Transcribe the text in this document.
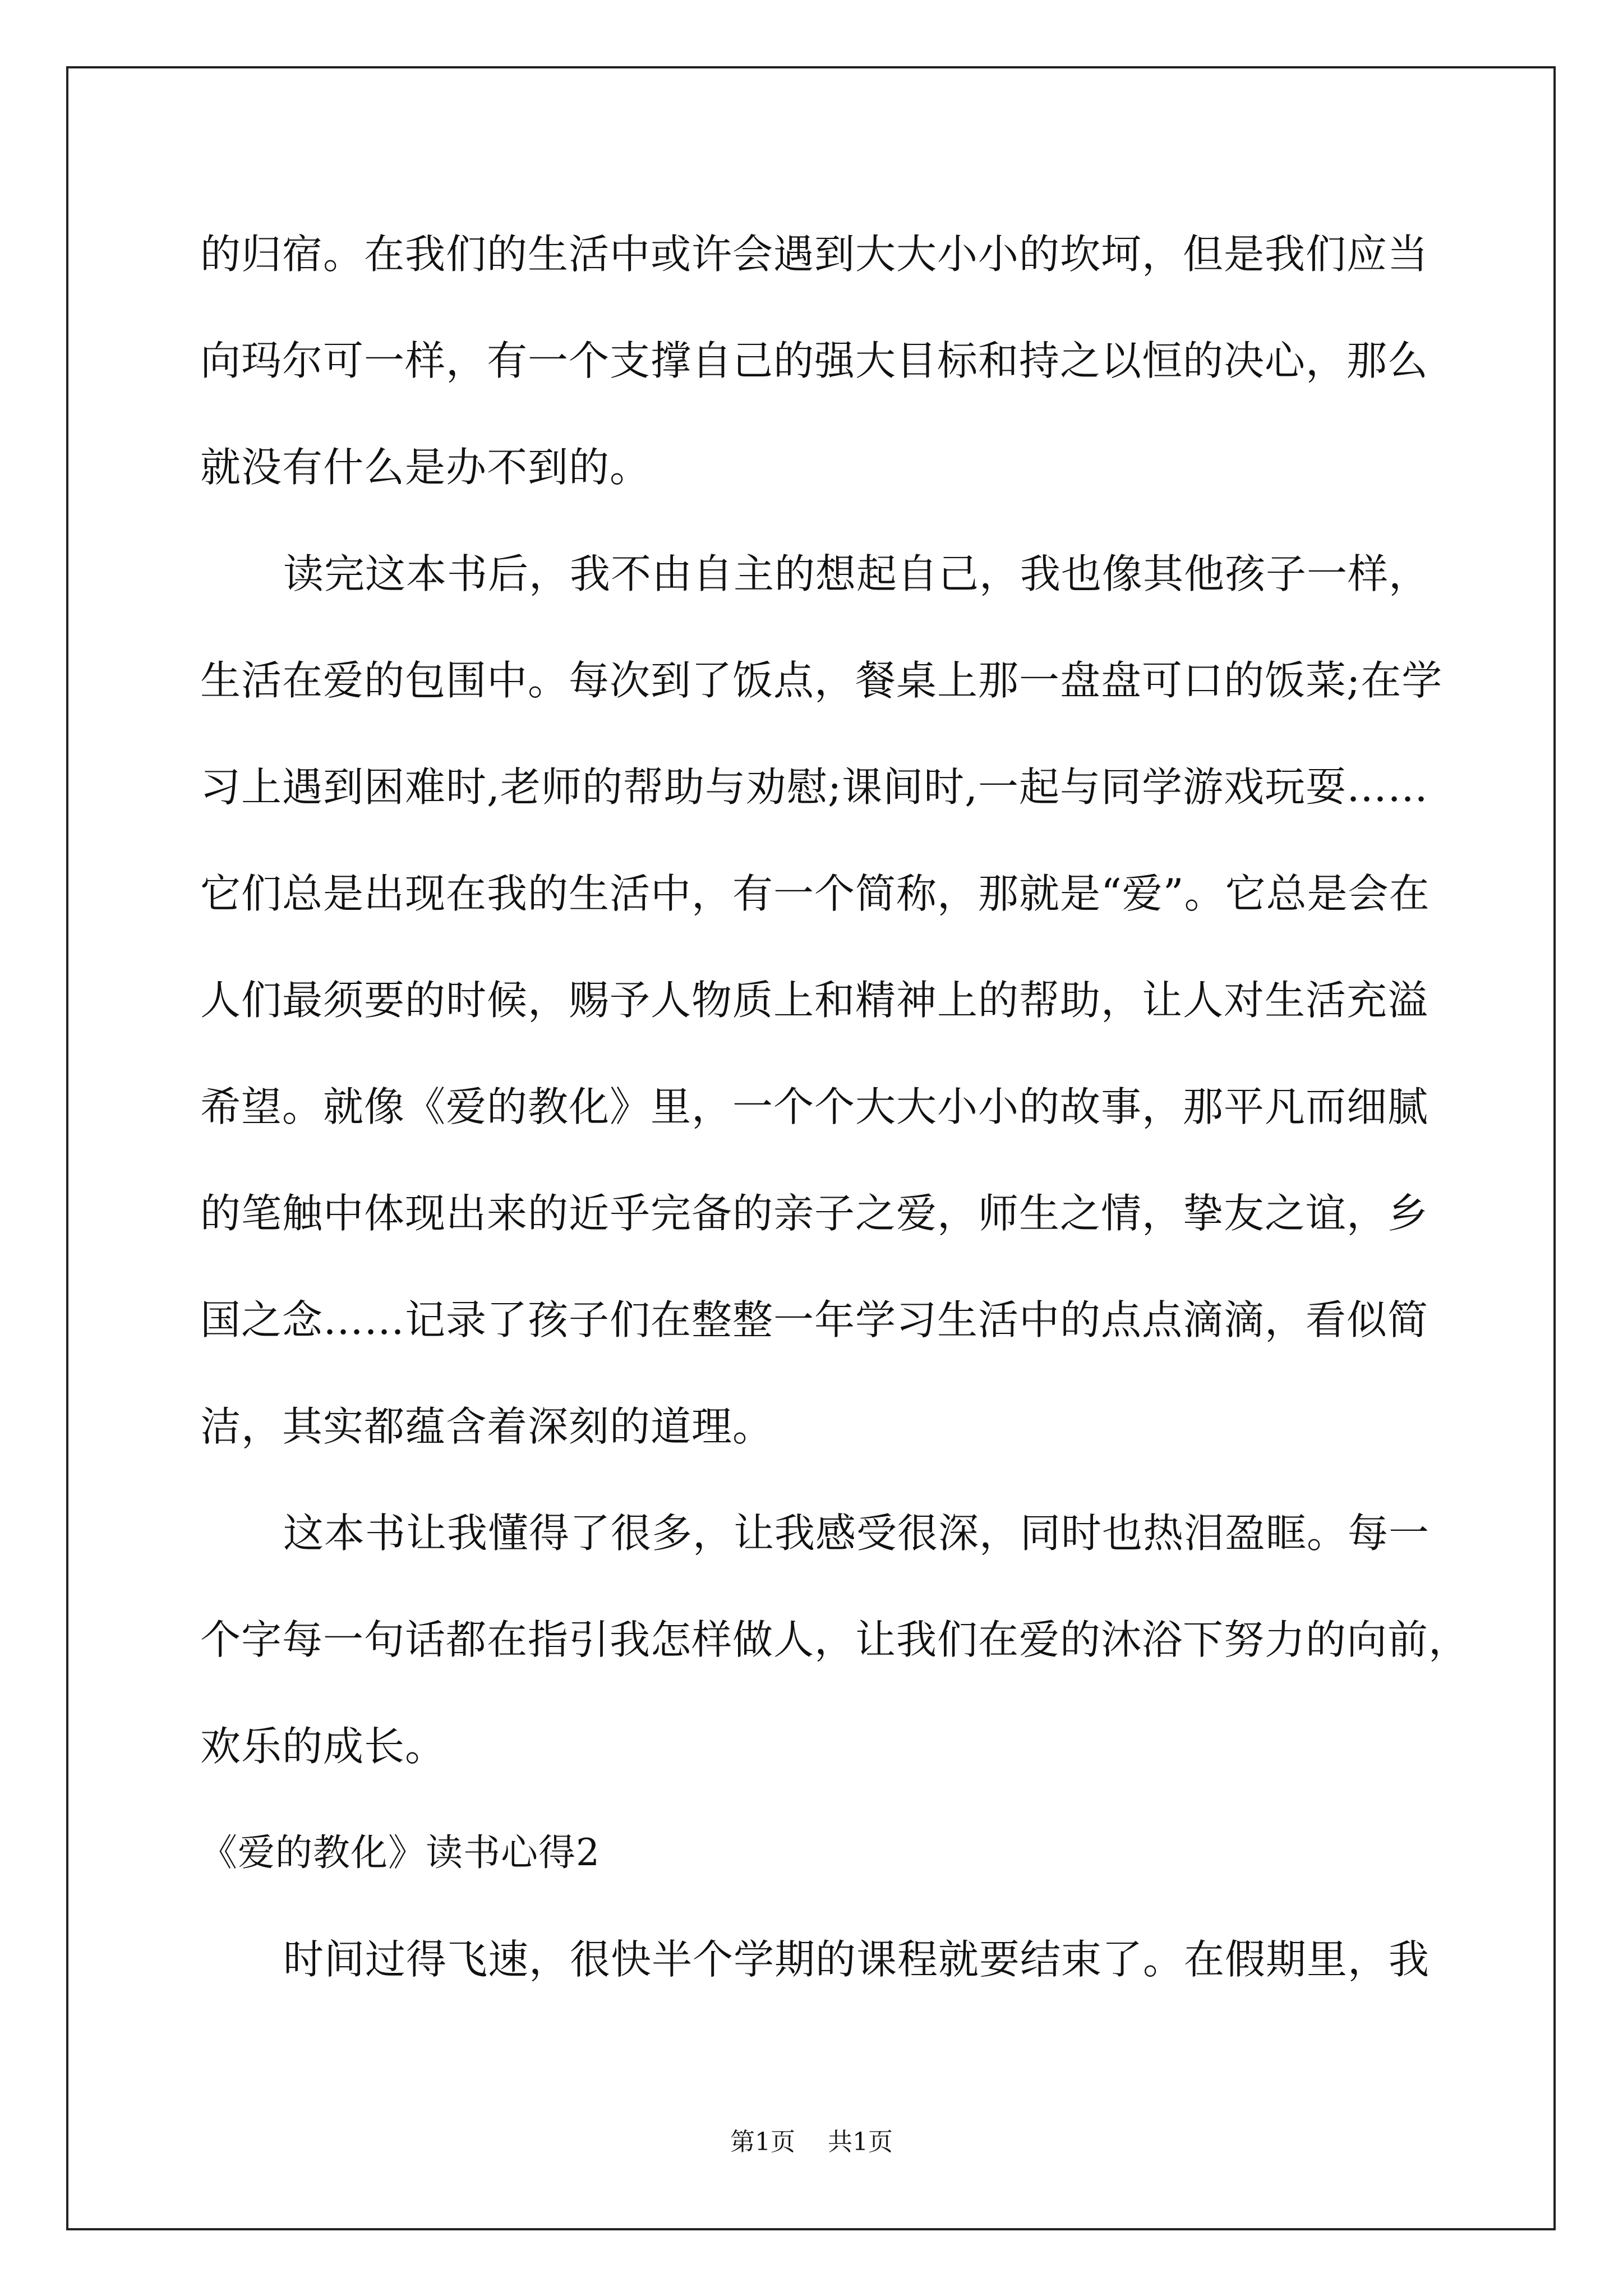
的归宿。在我们的生活中或许会遇到大大小小的坎坷，但是我们应当
向玛尔可一样，有一个支撑自己的强大目标和持之以恒的决心，那么
就没有什么是办不到的。
读完这本书后，我不由自主的想起自己，我也像其他孩子一样，
生活在爱的包围中。每次到了饭点，餐桌上那一盘盘可口的饭菜;在学
习上遇到困难时,老师的帮助与劝慰;课间时,一起与同学游戏玩耍……
它们总是出现在我的生活中，有一个简称，那就是“爱”。它总是会在
人们最须要的时候，赐予人物质上和精神上的帮助，让人对生活充溢
希望。就像《爱的教化》里，一个个大大小小的故事，那平凡而细腻
的笔触中体现出来的近乎完备的亲子之爱，师生之情，挚友之谊，乡
国之念……记录了孩子们在整整一年学习生活中的点点滴滴，看似简
洁，其实都蕴含着深刻的道理。
这本书让我懂得了很多，让我感受很深，同时也热泪盈眶。每一
个字每一句话都在指引我怎样做人，让我们在爱的沐浴下努力的向前，
欢乐的成长。
《爱的教化》读书心得2
时间过得飞速，很快半个学期的课程就要结束了。在假期里，我
第1页 共1页
